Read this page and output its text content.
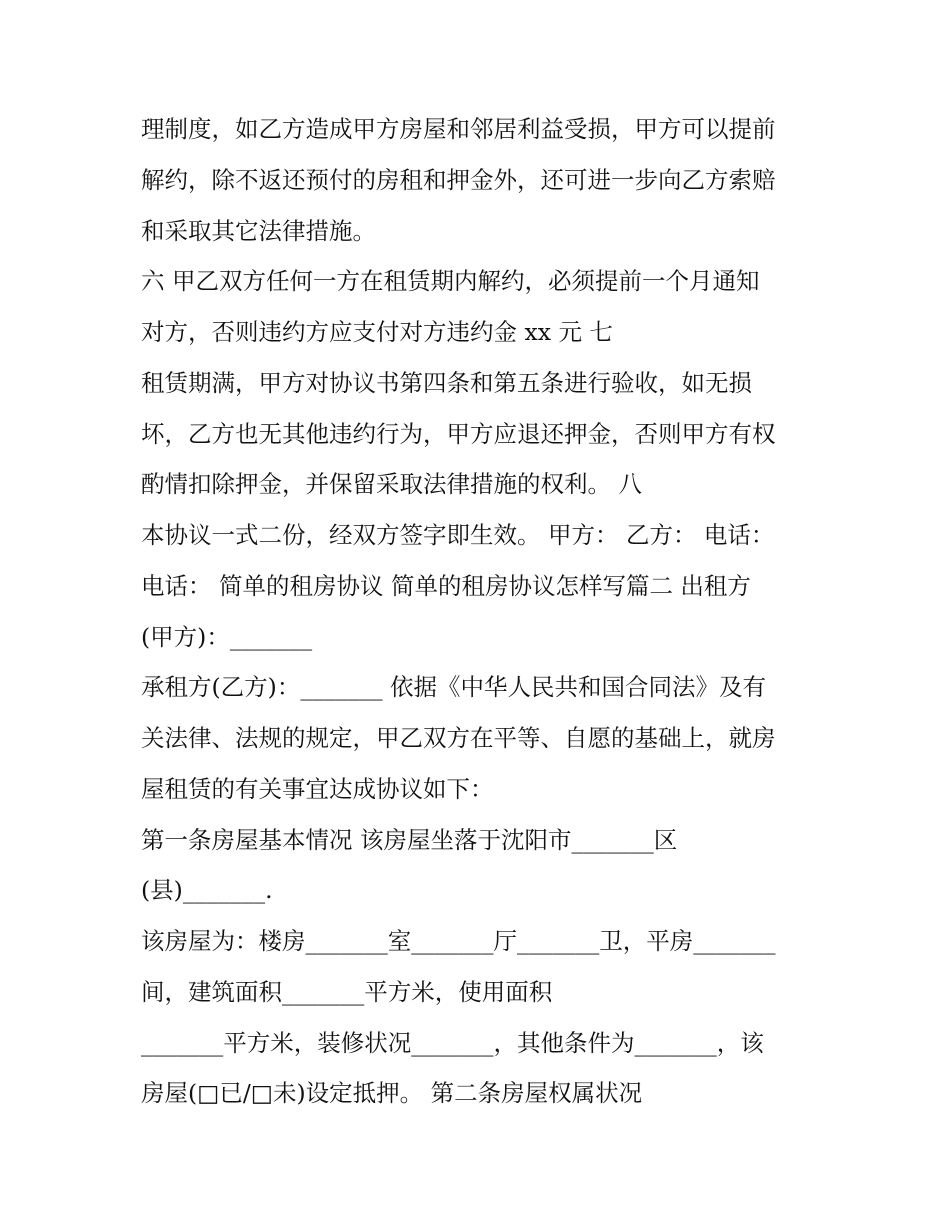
理制度，如乙方造成甲方房屋和邻居利益受损，甲方可以提前
解约，除不返还预付的房租和押金外，还可进一步向乙方索赔
和采取其它法律措施。
六 甲乙双方任何一方在租赁期内解约，必须提前一个月通知
对方，否则违约方应支付对方违约金 xx 元 七
租赁期满，甲方对协议书第四条和第五条进行验收，如无损
坏，乙方也无其他违约行为，甲方应退还押金，否则甲方有权
酌情扣除押金，并保留采取法律措施的权利。 八
本协议一式二份，经双方签字即生效。 甲方： 乙方： 电话：
电话： 简单的租房协议 简单的租房协议怎样写篇二 出租方
(甲方)：_______
承租方(乙方)：_______ 依据《中华人民共和国合同法》及有
关法律、法规的规定，甲乙双方在平等、自愿的基础上，就房
屋租赁的有关事宜达成协议如下：
第一条房屋基本情况 该房屋坐落于沈阳市_______区
(县)_______.
该房屋为：楼房_______室_______厅_______卫，平房_______
间，建筑面积_______平方米，使用面积
_______平方米，装修状况_______，其他条件为_______，该
房屋(□已/□未)设定抵押。 第二条房屋权属状况
